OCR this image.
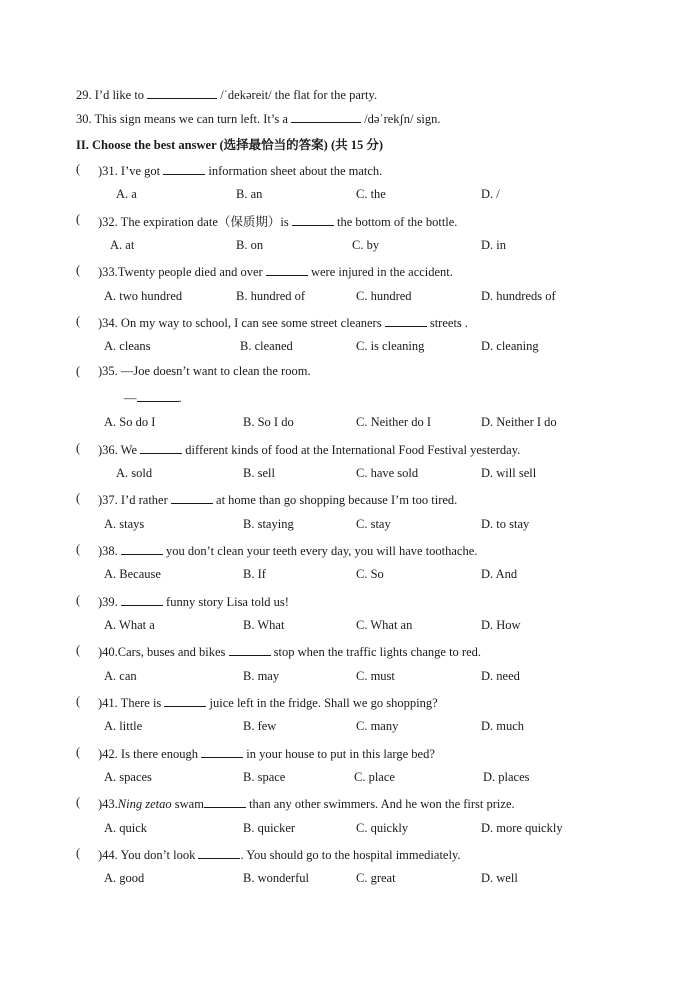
29. I’d like to	/ˈdekəreit/ the flat for the party.
30. This sign means we can turn left. It’s a	/dəˈrekʃn/ sign.
II. Choose the best answer (选择最恰当的答案) (共 15 分)
( )31. I’ve got	information sheet about the match.
A. a	B. an	C. the	D. /
( )32. The expiration date（保质期）is	the bottom of the bottle.
A. at	B. on	C. by	D. in
( )33.Twenty people died and over	were injured in the accident.
A. two hundred	B. hundred of	C. hundred	D. hundreds of
( )34. On my way to school, I can see some street cleaners	streets .
A. cleans	B. cleaned	C. is cleaning	D. cleaning
( )35. —Joe doesn’t want to clean the room.
—	.
A. So do I	B. So I do	C. Neither do I	D. Neither I do
( )36. We	different kinds of food at the International Food Festival yesterday.
A. sold	B. sell	C. have sold	D. will sell
( )37. I’d rather	at home than go shopping because I’m too tired.
A. stays	B. staying	C. stay	D. to stay
( )38.	you don’t clean your teeth every day, you will have toothache.
A. Because	B. If	C. So	D. And
( )39.	funny story Lisa told us!
A. What a	B. What	C. What an	D. How
( )40.Cars, buses and bikes	stop when the traffic lights change to red.
A. can	B. may	C. must	D. need
( )41. There is	juice left in the fridge. Shall we go shopping?
A. little	B. few	C. many	D. much
( )42. Is there enough	in your house to put in this large bed?
A. spaces	B. space	C. place	D. places
( )43.Ning zetao swam	than any other swimmers. And he won the first prize.
A. quick	B. quicker	C. quickly	D. more quickly
( )44. You don’t look	. You should go to the hospital immediately.
A. good	B. wonderful	C. great	D. well
